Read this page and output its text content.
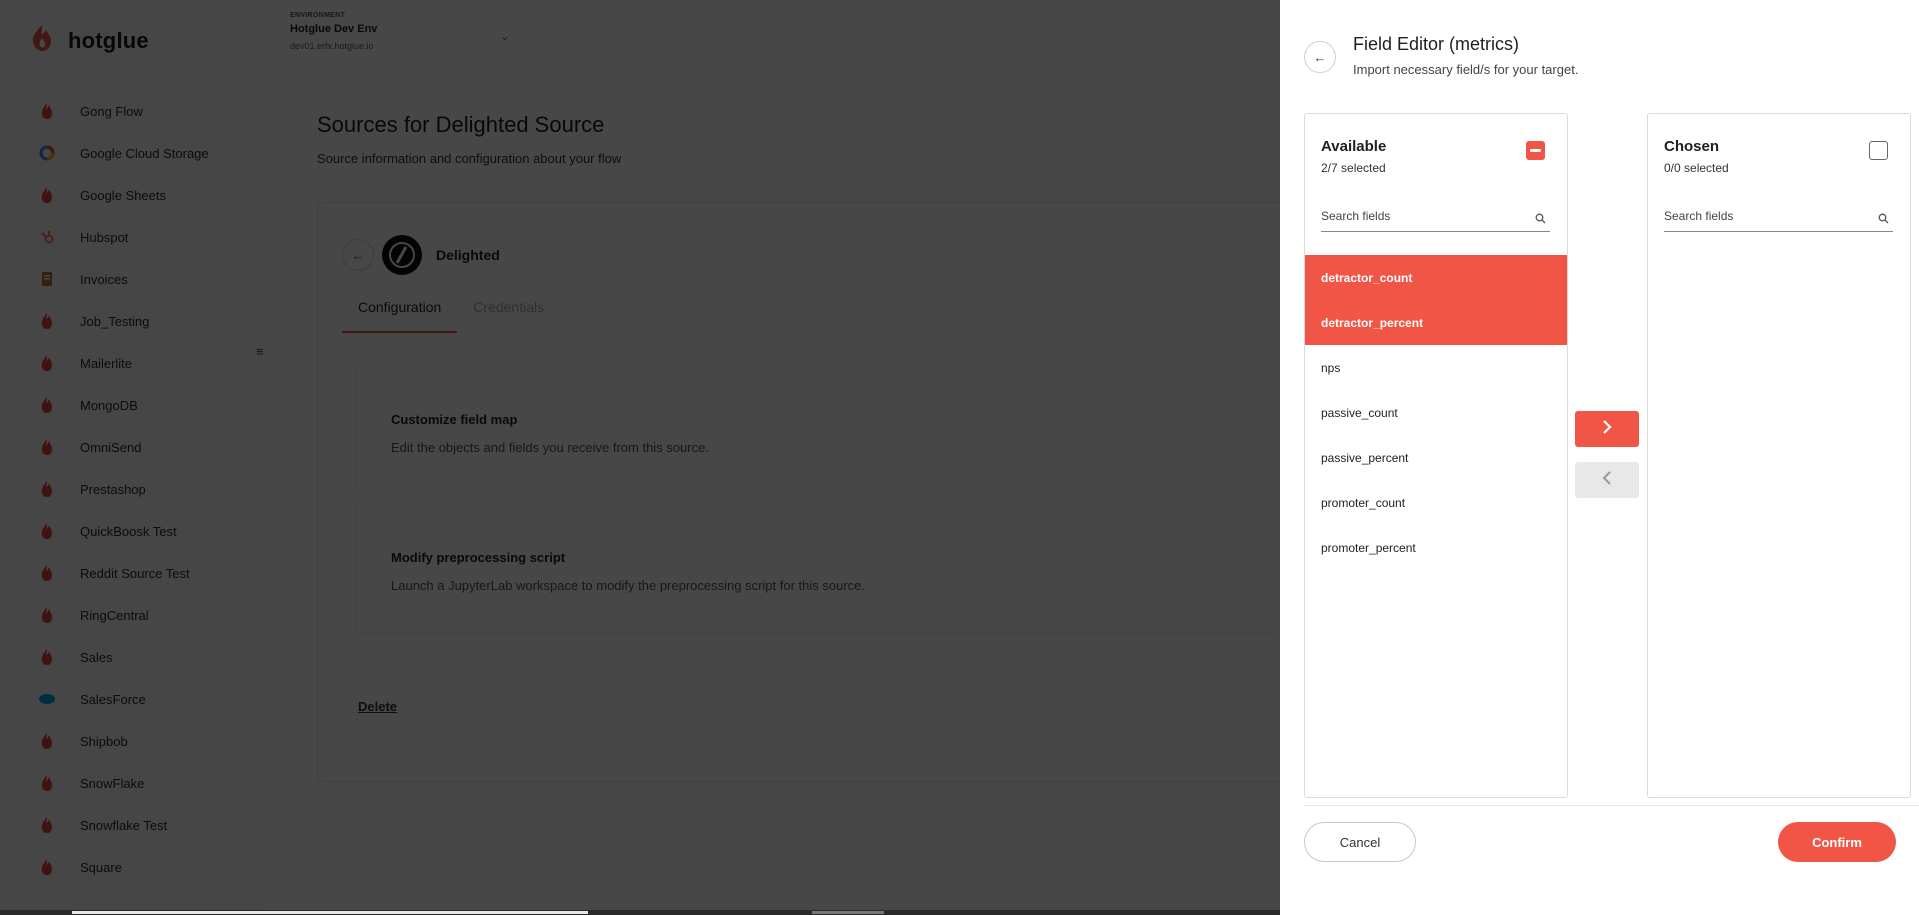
←
Field Editor (metrics)
Import necessary field/s for your target.
Available
2/7 selected
Search fields
detractor_count
detractor_percent
nps
passive_count
passive_percent
promoter_count
promoter_percent
Chosen
0/0 selected
Search fields
Cancel	Confirm
